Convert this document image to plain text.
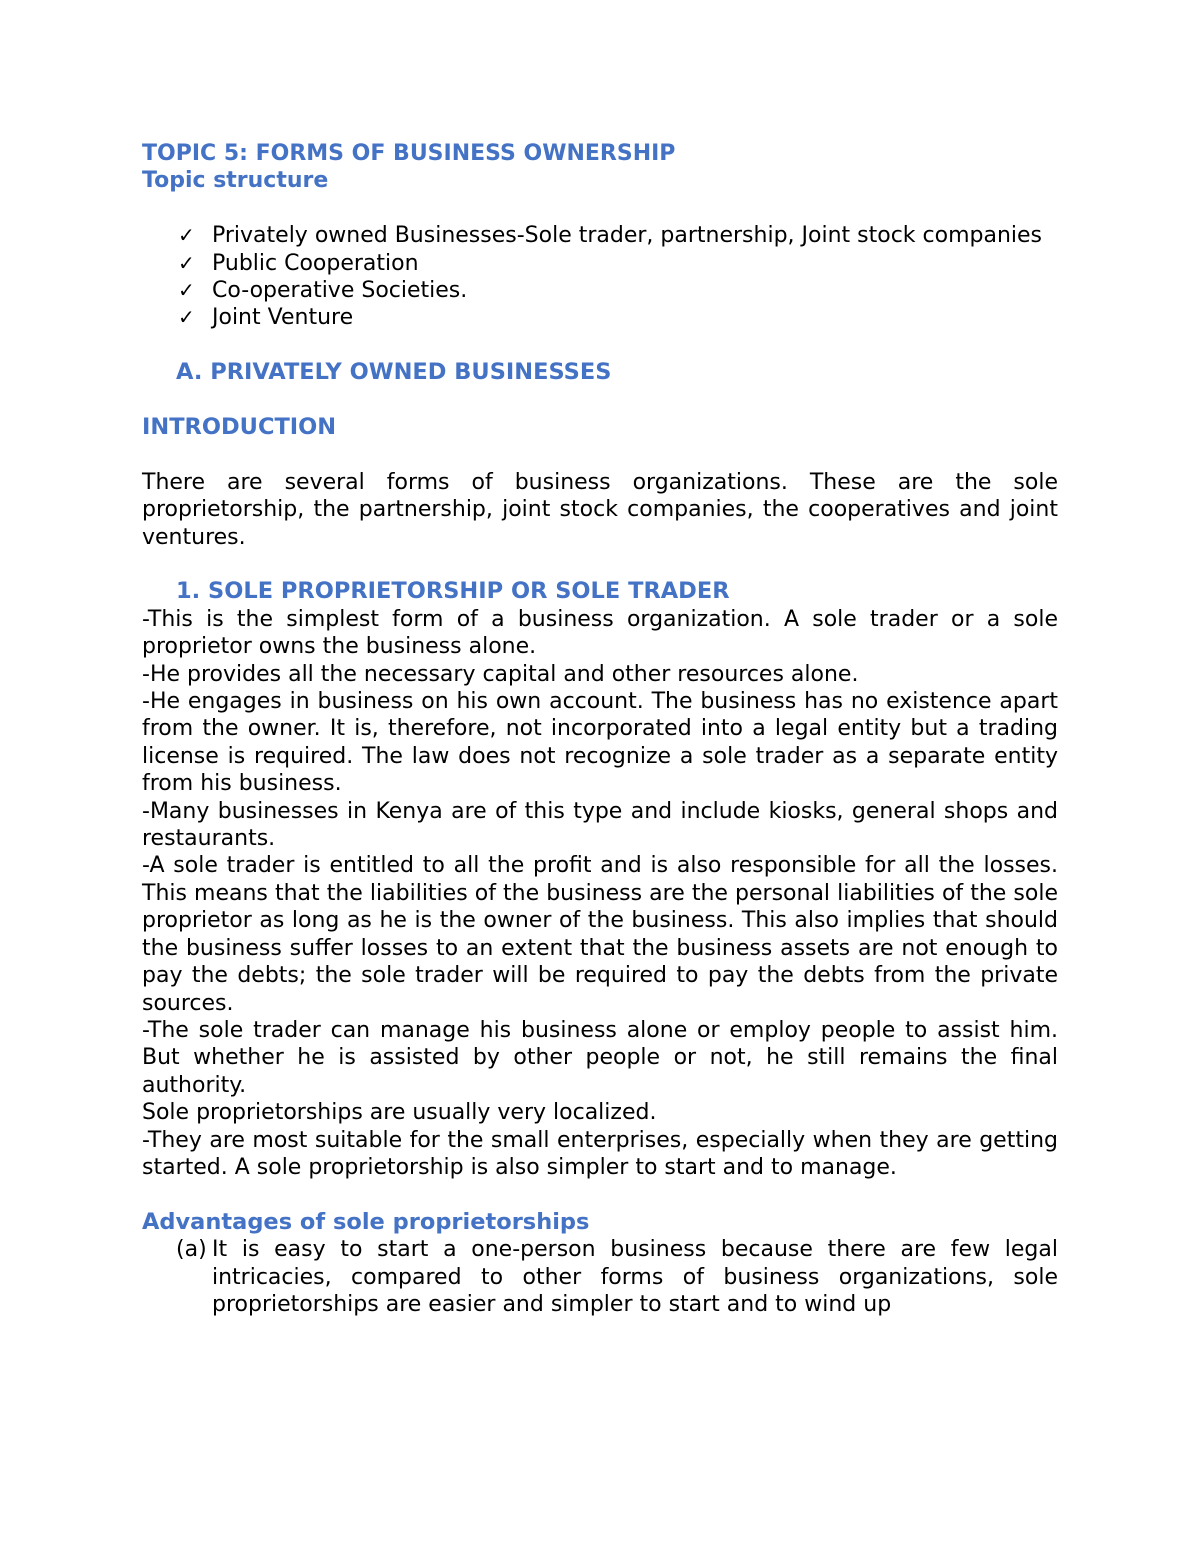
TOPIC 5: FORMS OF BUSINESS OWNERSHIP

Topic structure

✓ Privately owned Businesses-Sole trader, partnership, Joint stock companies
✓ Public Cooperation
✓ Co-operative Societies.
✓ Joint Venture

A. PRIVATELY OWNED BUSINESSES

INTRODUCTION

There are several forms of business organizations. These are the sole proprietorship, the partnership, joint stock companies, the cooperatives and joint ventures.

1. SOLE PROPRIETORSHIP OR SOLE TRADER

-This is the simplest form of a business organization. A sole trader or a sole proprietor owns the business alone.

-He provides all the necessary capital and other resources alone.

-He engages in business on his own account. The business has no existence apart from the owner. It is, therefore, not incorporated into a legal entity but a trading license is required. The law does not recognize a sole trader as a separate entity from his business.

-Many businesses in Kenya are of this type and include kiosks, general shops and restaurants.

-A sole trader is entitled to all the profit and is also responsible for all the losses. This means that the liabilities of the business are the personal liabilities of the sole proprietor as long as he is the owner of the business. This also implies that should the business suffer losses to an extent that the business assets are not enough to pay the debts; the sole trader will be required to pay the debts from the private sources.

-The sole trader can manage his business alone or employ people to assist him. But whether he is assisted by other people or not, he still remains the final authority.

Sole proprietorships are usually very localized.

-They are most suitable for the small enterprises, especially when they are getting started. A sole proprietorship is also simpler to start and to manage.

Advantages of sole proprietorships

(a) It is easy to start a one-person business because there are few legal intricacies, compared to other forms of business organizations, sole proprietorships are easier and simpler to start and to wind up
